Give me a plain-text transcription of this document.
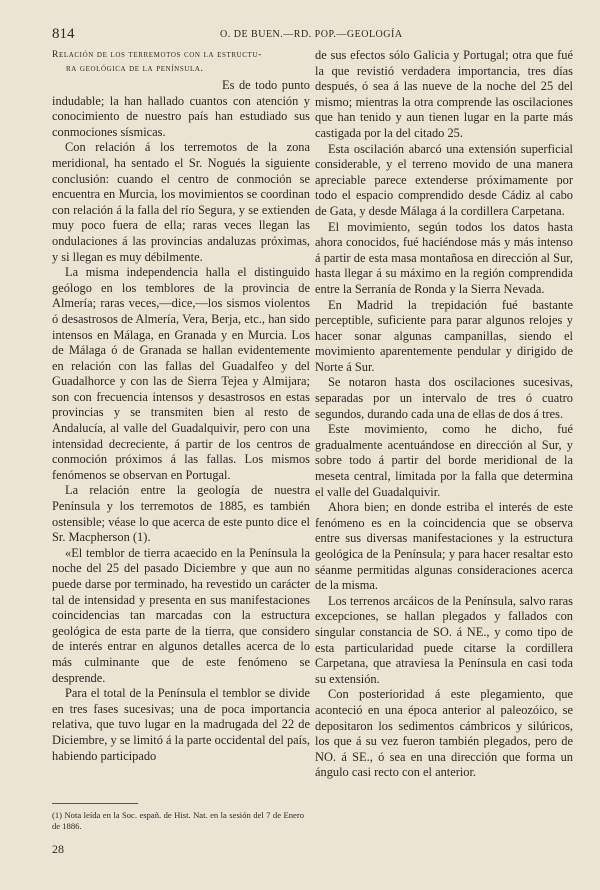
814	O. DE BUEN.—RD. POP.—GEOLOGÍA
Relación de los terremotos con la estructu-
ra geológica de la península.

Es de todo punto indudable; la han hallado cuantos con atención y conocimiento de nuestro país han estudiado sus conmociones sísmicas.

Con relación á los terremotos de la zona meridional, ha sentado el Sr. Nogués la siguiente conclusión: cuando el centro de conmoción se encuentra en Murcia, los movimientos se coordinan con relación á la falla del río Segura, y se extienden muy poco fuera de ella; raras veces llegan las ondulaciones á las provincias andaluzas próximas, y si llegan es muy débilmente.

La misma independencia halla el distinguido geólogo en los temblores de la provincia de Almería; raras veces,—dice,—los sismos violentos ó desastrosos de Almería, Vera, Berja, etc., han sido intensos en Málaga, en Granada y en Murcia. Los de Málaga ó de Granada se hallan evidentemente en relación con las fallas del Guadalfeo y del Guadalhorce y con las de Sierra Tejea y Almijara; son con frecuencia intensos y desastrosos en estas provincias y se transmiten bien al resto de Andalucía, al valle del Guadalquivir, pero con una intensidad decreciente, á partir de los centros de conmoción próximos á las fallas. Los mismos fenómenos se observan en Portugal.

La relación entre la geología de nuestra Península y los terremotos de 1885, es también ostensible; véase lo que acerca de este punto dice el Sr. Macpherson (1).

«El temblor de tierra acaecido en la Península la noche del 25 del pasado Diciembre y que aun no puede darse por terminado, ha revestido un carácter tal de intensidad y presenta en sus manifestaciones coincidencias tan marcadas con la estructura geológica de esta parte de la tierra, que considero de interés entrar en algunos detalles acerca de lo más culminante que de este fenómeno se desprende.

Para el total de la Península el temblor se divide en tres fases sucesivas; una de poca importancia relativa, que tuvo lugar en la madrugada del 22 de Diciembre, y se limitó á la parte occidental del país, habiendo participado

de sus efectos sólo Galicia y Portugal; otra que fué la que revistió verdadera importancia, tres días después, ó sea á las nueve de la noche del 25 del mismo; mientras la otra comprende las oscilaciones que han tenido y aun tienen lugar en la parte más castigada por la del citado 25.

Esta oscilación abarcó una extensión superficial considerable, y el terreno movido de una manera apreciable parece extenderse próximamente por todo el espacio comprendido desde Cádiz al cabo de Gata, y desde Málaga á la cordillera Carpetana.

El movimiento, según todos los datos hasta ahora conocidos, fué haciéndose más y más intenso á partir de esta masa montañosa en dirección al Sur, hasta llegar á su máximo en la región comprendida entre la Serranía de Ronda y la Sierra Nevada.

En Madrid la trepidación fué bastante perceptible, suficiente para parar algunos relojes y hacer sonar algunas campanillas, siendo el movimiento aparentemente pendular y dirigido de Norte á Sur.

Se notaron hasta dos oscilaciones sucesivas, separadas por un intervalo de tres ó cuatro segundos, durando cada una de ellas de dos á tres.

Este movimiento, como he dicho, fué gradualmente acentuándose en dirección al Sur, y sobre todo á partir del borde meridional de la meseta central, limitada por la falla que determina el valle del Guadalquivir.

Ahora bien; en donde estriba el interés de este fenómeno es en la coincidencia que se observa entre sus diversas manifestaciones y la estructura geológica de la Península; y para hacer resaltar esto séanme permitidas algunas consideraciones acerca de la misma.

Los terrenos arcáicos de la Península, salvo raras excepciones, se hallan plegados y fallados con singular constancia de SO. á NE., y como tipo de esta particularidad puede citarse la cordillera Carpetana, que atraviesa la Península en casi toda su extensión.

Con posterioridad á este plegamiento, que aconteció en una época anterior al paleozóico, se depositaron los sedimentos cámbricos y silúricos, los que á su vez fueron también plegados, pero de NO. á SE., ó sea en una dirección que forma un ángulo casi recto con el anterior.

(1) Nota leída en la Soc. españ. de Hist. Nat. en la sesión del 7 de Enero de 1886.
28
